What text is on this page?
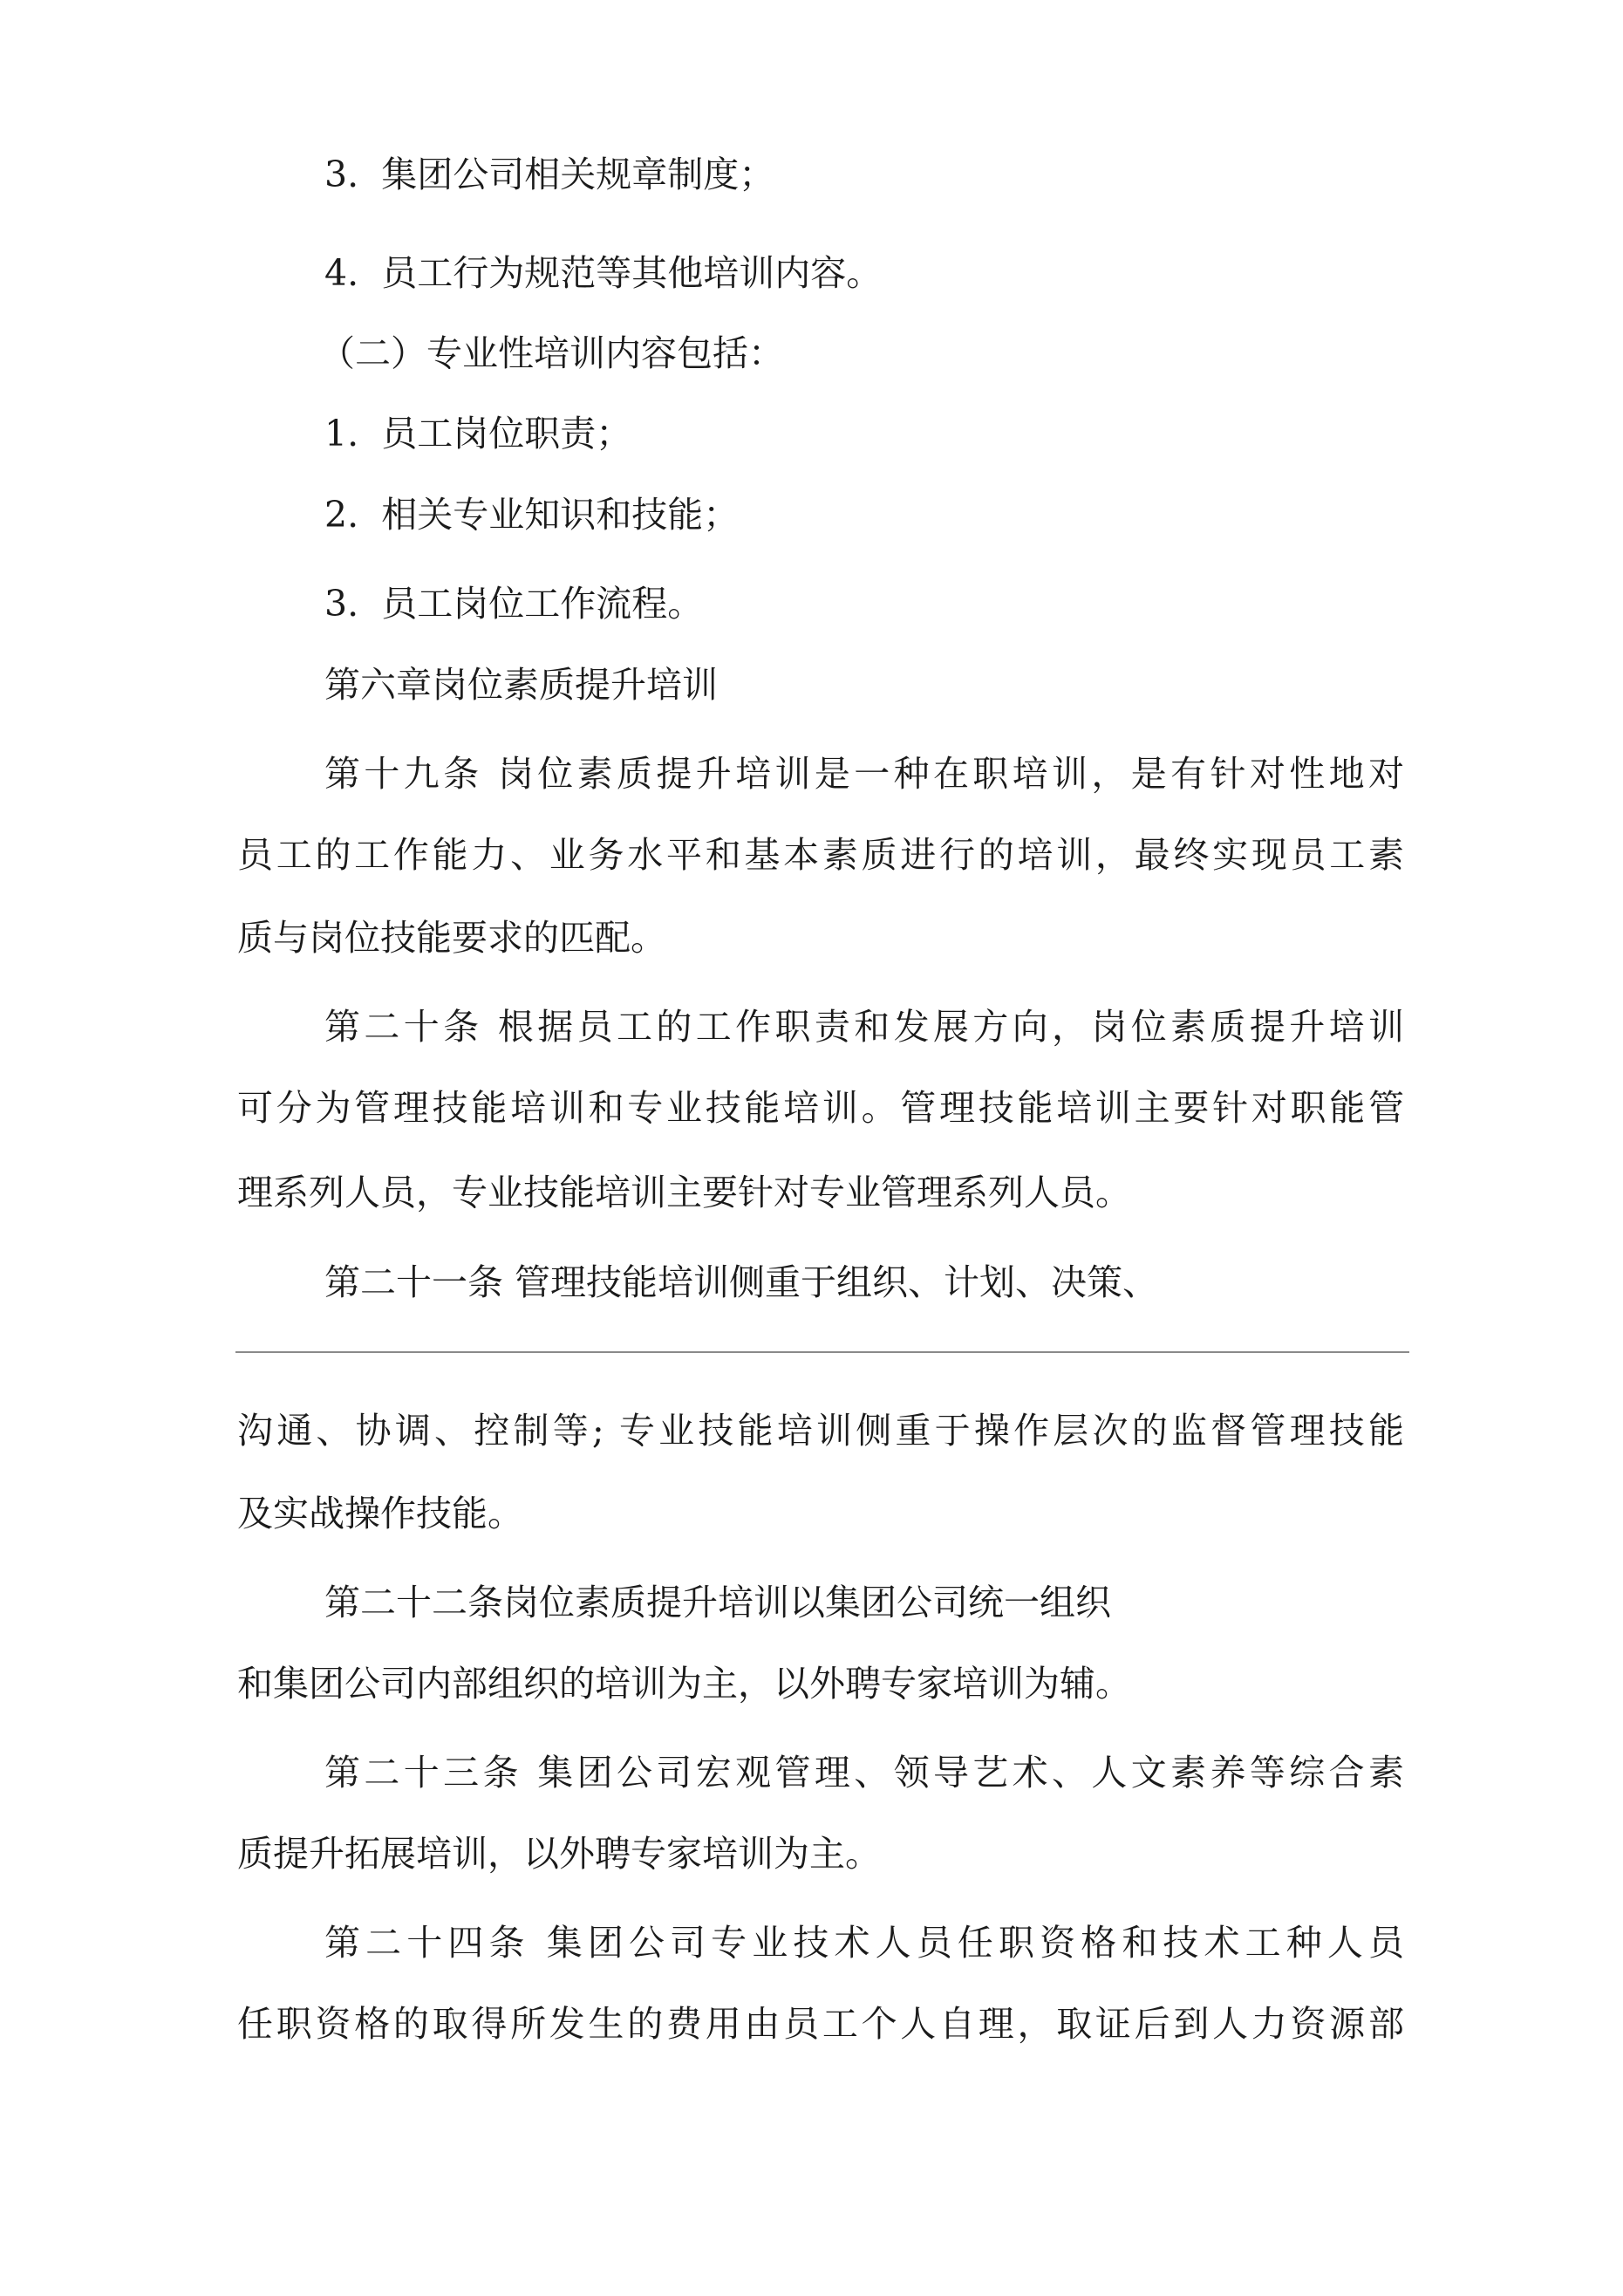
3. 集团公司相关规章制度；

4. 员工行为规范等其他培训内容。

（二）专业性培训内容包括：

1. 员工岗位职责；

2. 相关专业知识和技能；

3. 员工岗位工作流程。

第六章岗位素质提升培训

第十九条 岗位素质提升培训是一种在职培训，是有针对性地对

员工的工作能力、业务水平和基本素质进行的培训，最终实现员工素

质与岗位技能要求的匹配。

第二十条 根据员工的工作职责和发展方向，岗位素质提升培训

可分为管理技能培训和专业技能培训。管理技能培训主要针对职能管

理系列人员，专业技能培训主要针对专业管理系列人员。

第二十一条 管理技能培训侧重于组织、计划、决策、

沟通、协调、控制等; 专业技能培训侧重于操作层次的监督管理技能

及实战操作技能。

第二十二条岗位素质提升培训以集团公司统一组织

和集团公司内部组织的培训为主，以外聘专家培训为辅。

第二十三条 集团公司宏观管理、领导艺术、人文素养等综合素

质提升拓展培训，以外聘专家培训为主。

第二十四条 集团公司专业技术人员任职资格和技术工种人员

任职资格的取得所发生的费用由员工个人自理，取证后到人力资源部
